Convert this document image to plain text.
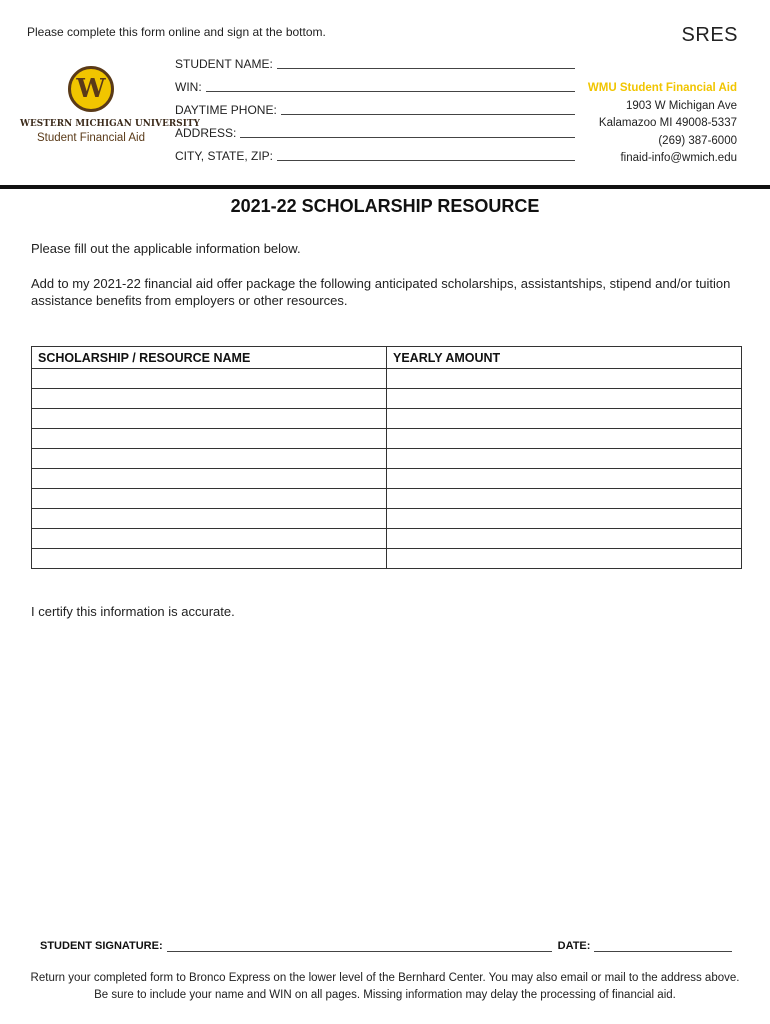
Please complete this form online and sign at the bottom.	SRES
W
WESTERN MICHIGAN UNIVERSITY
Student Financial Aid
STUDENT NAME:
WIN:
DAYTIME PHONE:
ADDRESS:
CITY, STATE, ZIP:
WMU Student Financial Aid
1903 W Michigan Ave
Kalamazoo MI 49008-5337
(269) 387-6000
finaid-info@wmich.edu
2021-22 SCHOLARSHIP RESOURCE
Please fill out the applicable information below.
Add to my 2021-22 financial aid offer package the following anticipated scholarships, assistantships, stipend and/or tuition assistance benefits from employers or other resources.
SCHOLARSHIP / RESOURCE NAME	YEARLY AMOUNT

I certify this information is accurate.
STUDENT SIGNATURE:	DATE:
Return your completed form to Bronco Express on the lower level of the Bernhard Center. You may also email or mail to the address above. Be sure to include your name and WIN on all pages. Missing information may delay the processing of financial aid.
